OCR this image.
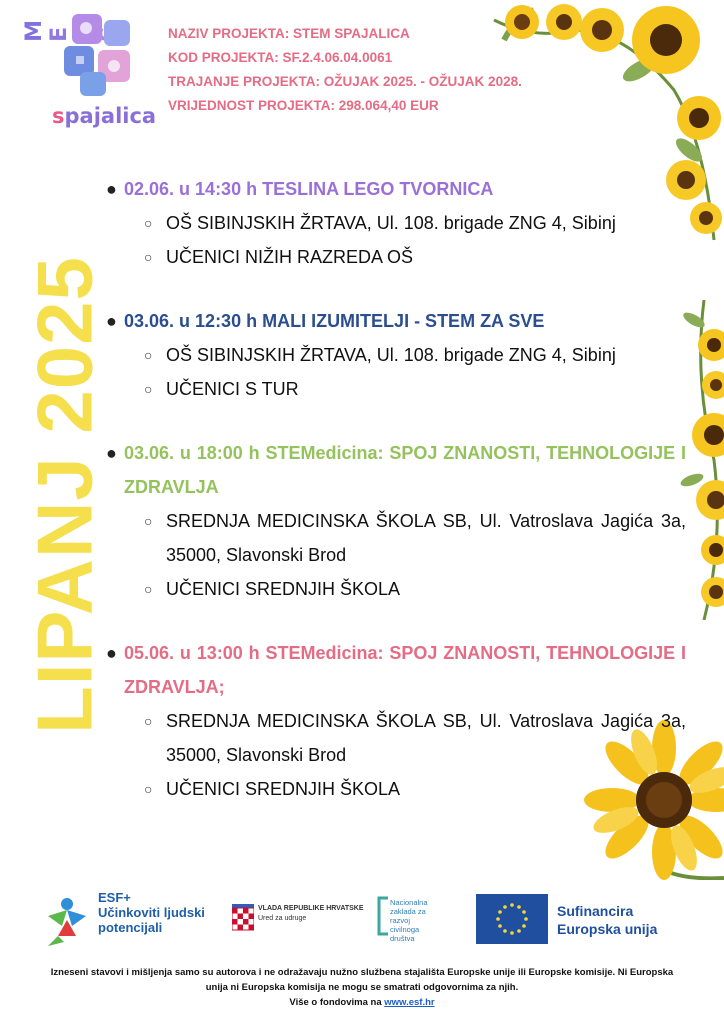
M E
spajalica
NAZIV PROJEKTA: STEM SPAJALICA
KOD PROJEKTA: SF.2.4.06.04.0061
TRAJANJE PROJEKTA: OŽUJAK 2025. - OŽUJAK 2028.
VRIJEDNOST PROJEKTA: 298.064,40 EUR
LIPANJ 2025
● 02.06. u 14:30 h TESLINA LEGO TVORNICA
○ OŠ SIBINJSKIH ŽRTAVA, Ul. 108. brigade ZNG 4, Sibinj
○ UČENICI NIŽIH RAZREDA OŠ
● 03.06. u 12:30 h MALI IZUMITELJI - STEM ZA SVE
○ OŠ SIBINJSKIH ŽRTAVA, Ul. 108. brigade ZNG 4, Sibinj
○ UČENICI S TUR
● 03.06. u 18:00 h STEMedicina: SPOJ ZNANOSTI, TEHNOLOGIJE I ZDRAVLJA
○ SREDNJA MEDICINSKA ŠKOLA SB, Ul. Vatroslava Jagića 3a, 35000, Slavonski Brod
○ UČENICI SREDNJIH ŠKOLA
● 05.06. u 13:00 h STEMedicina: SPOJ ZNANOSTI, TEHNOLOGIJE I ZDRAVLJA;
○ SREDNJA MEDICINSKA ŠKOLA SB, Ul. Vatroslava Jagića 3a, 35000, Slavonski Brod
○ UČENICI SREDNJIH ŠKOLA
ESF+
Učinkoviti ljudski
potencijali
VLADA REPUBLIKE HRVATSKE
Ured za udruge
Nacionalna
zaklada za
razvoj
civilnoga
društva
Sufinancira
Europska unija
Izneseni stavovi i mišljenja samo su autorova i ne odražavaju nužno službena stajališta Europske unije ili Europske komisije. Ni Europska
unija ni Europska komisija ne mogu se smatrati odgovornima za njih.
Više o fondovima na www.esf.hr
